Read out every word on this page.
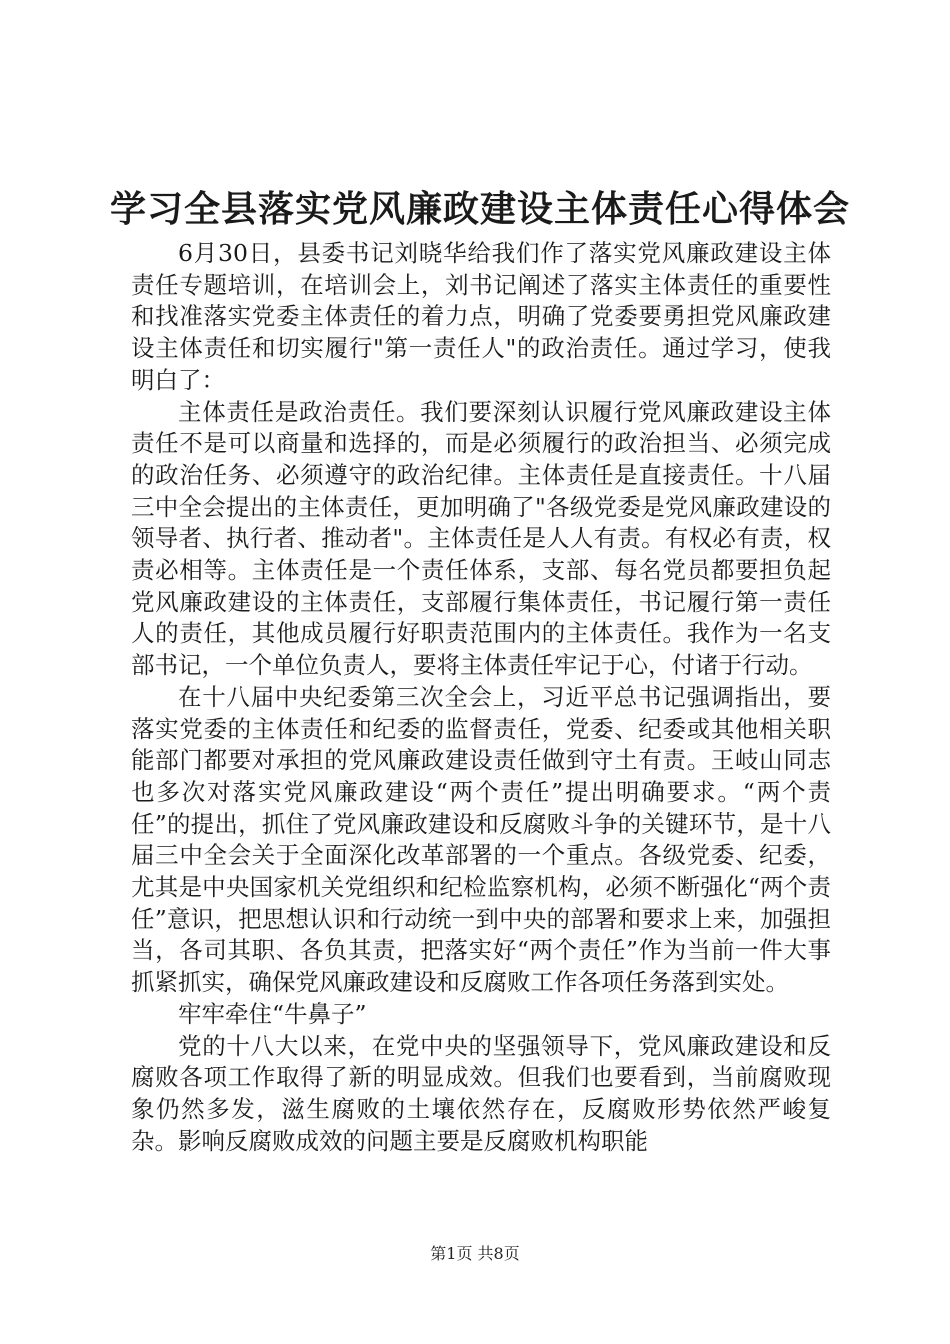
学习全县落实党风廉政建设主体责任心得体会

6月30日，县委书记刘晓华给我们作了落实党风廉政建设主体责任专题培训，在培训会上，刘书记阐述了落实主体责任的重要性和找准落实党委主体责任的着力点，明确了党委要勇担党风廉政建设主体责任和切实履行"第一责任人"的政治责任。通过学习，使我明白了：

主体责任是政治责任。我们要深刻认识履行党风廉政建设主体责任不是可以商量和选择的，而是必须履行的政治担当、必须完成的政治任务、必须遵守的政治纪律。主体责任是直接责任。十八届三中全会提出的主体责任，更加明确了"各级党委是党风廉政建设的领导者、执行者、推动者"。主体责任是人人有责。有权必有责，权责必相等。主体责任是一个责任体系，支部、每名党员都要担负起党风廉政建设的主体责任，支部履行集体责任，书记履行第一责任人的责任，其他成员履行好职责范围内的主体责任。我作为一名支部书记，一个单位负责人，要将主体责任牢记于心，付诸于行动。

在十八届中央纪委第三次全会上，习近平总书记强调指出，要落实党委的主体责任和纪委的监督责任，党委、纪委或其他相关职能部门都要对承担的党风廉政建设责任做到守土有责。王岐山同志也多次对落实党风廉政建设“两个责任”提出明确要求。“两个责任”的提出，抓住了党风廉政建设和反腐败斗争的关键环节，是十八届三中全会关于全面深化改革部署的一个重点。各级党委、纪委，尤其是中央国家机关党组织和纪检监察机构，必须不断强化“两个责任”意识，把思想认识和行动统一到中央的部署和要求上来，加强担当，各司其职、各负其责，把落实好“两个责任”作为当前一件大事抓紧抓实，确保党风廉政建设和反腐败工作各项任务落到实处。

牢牢牵住“牛鼻子”

党的十八大以来，在党中央的坚强领导下，党风廉政建设和反腐败各项工作取得了新的明显成效。但我们也要看到，当前腐败现象仍然多发，滋生腐败的土壤依然存在，反腐败形势依然严峻复杂。影响反腐败成效的问题主要是反腐败机构职能

第1页 共8页
